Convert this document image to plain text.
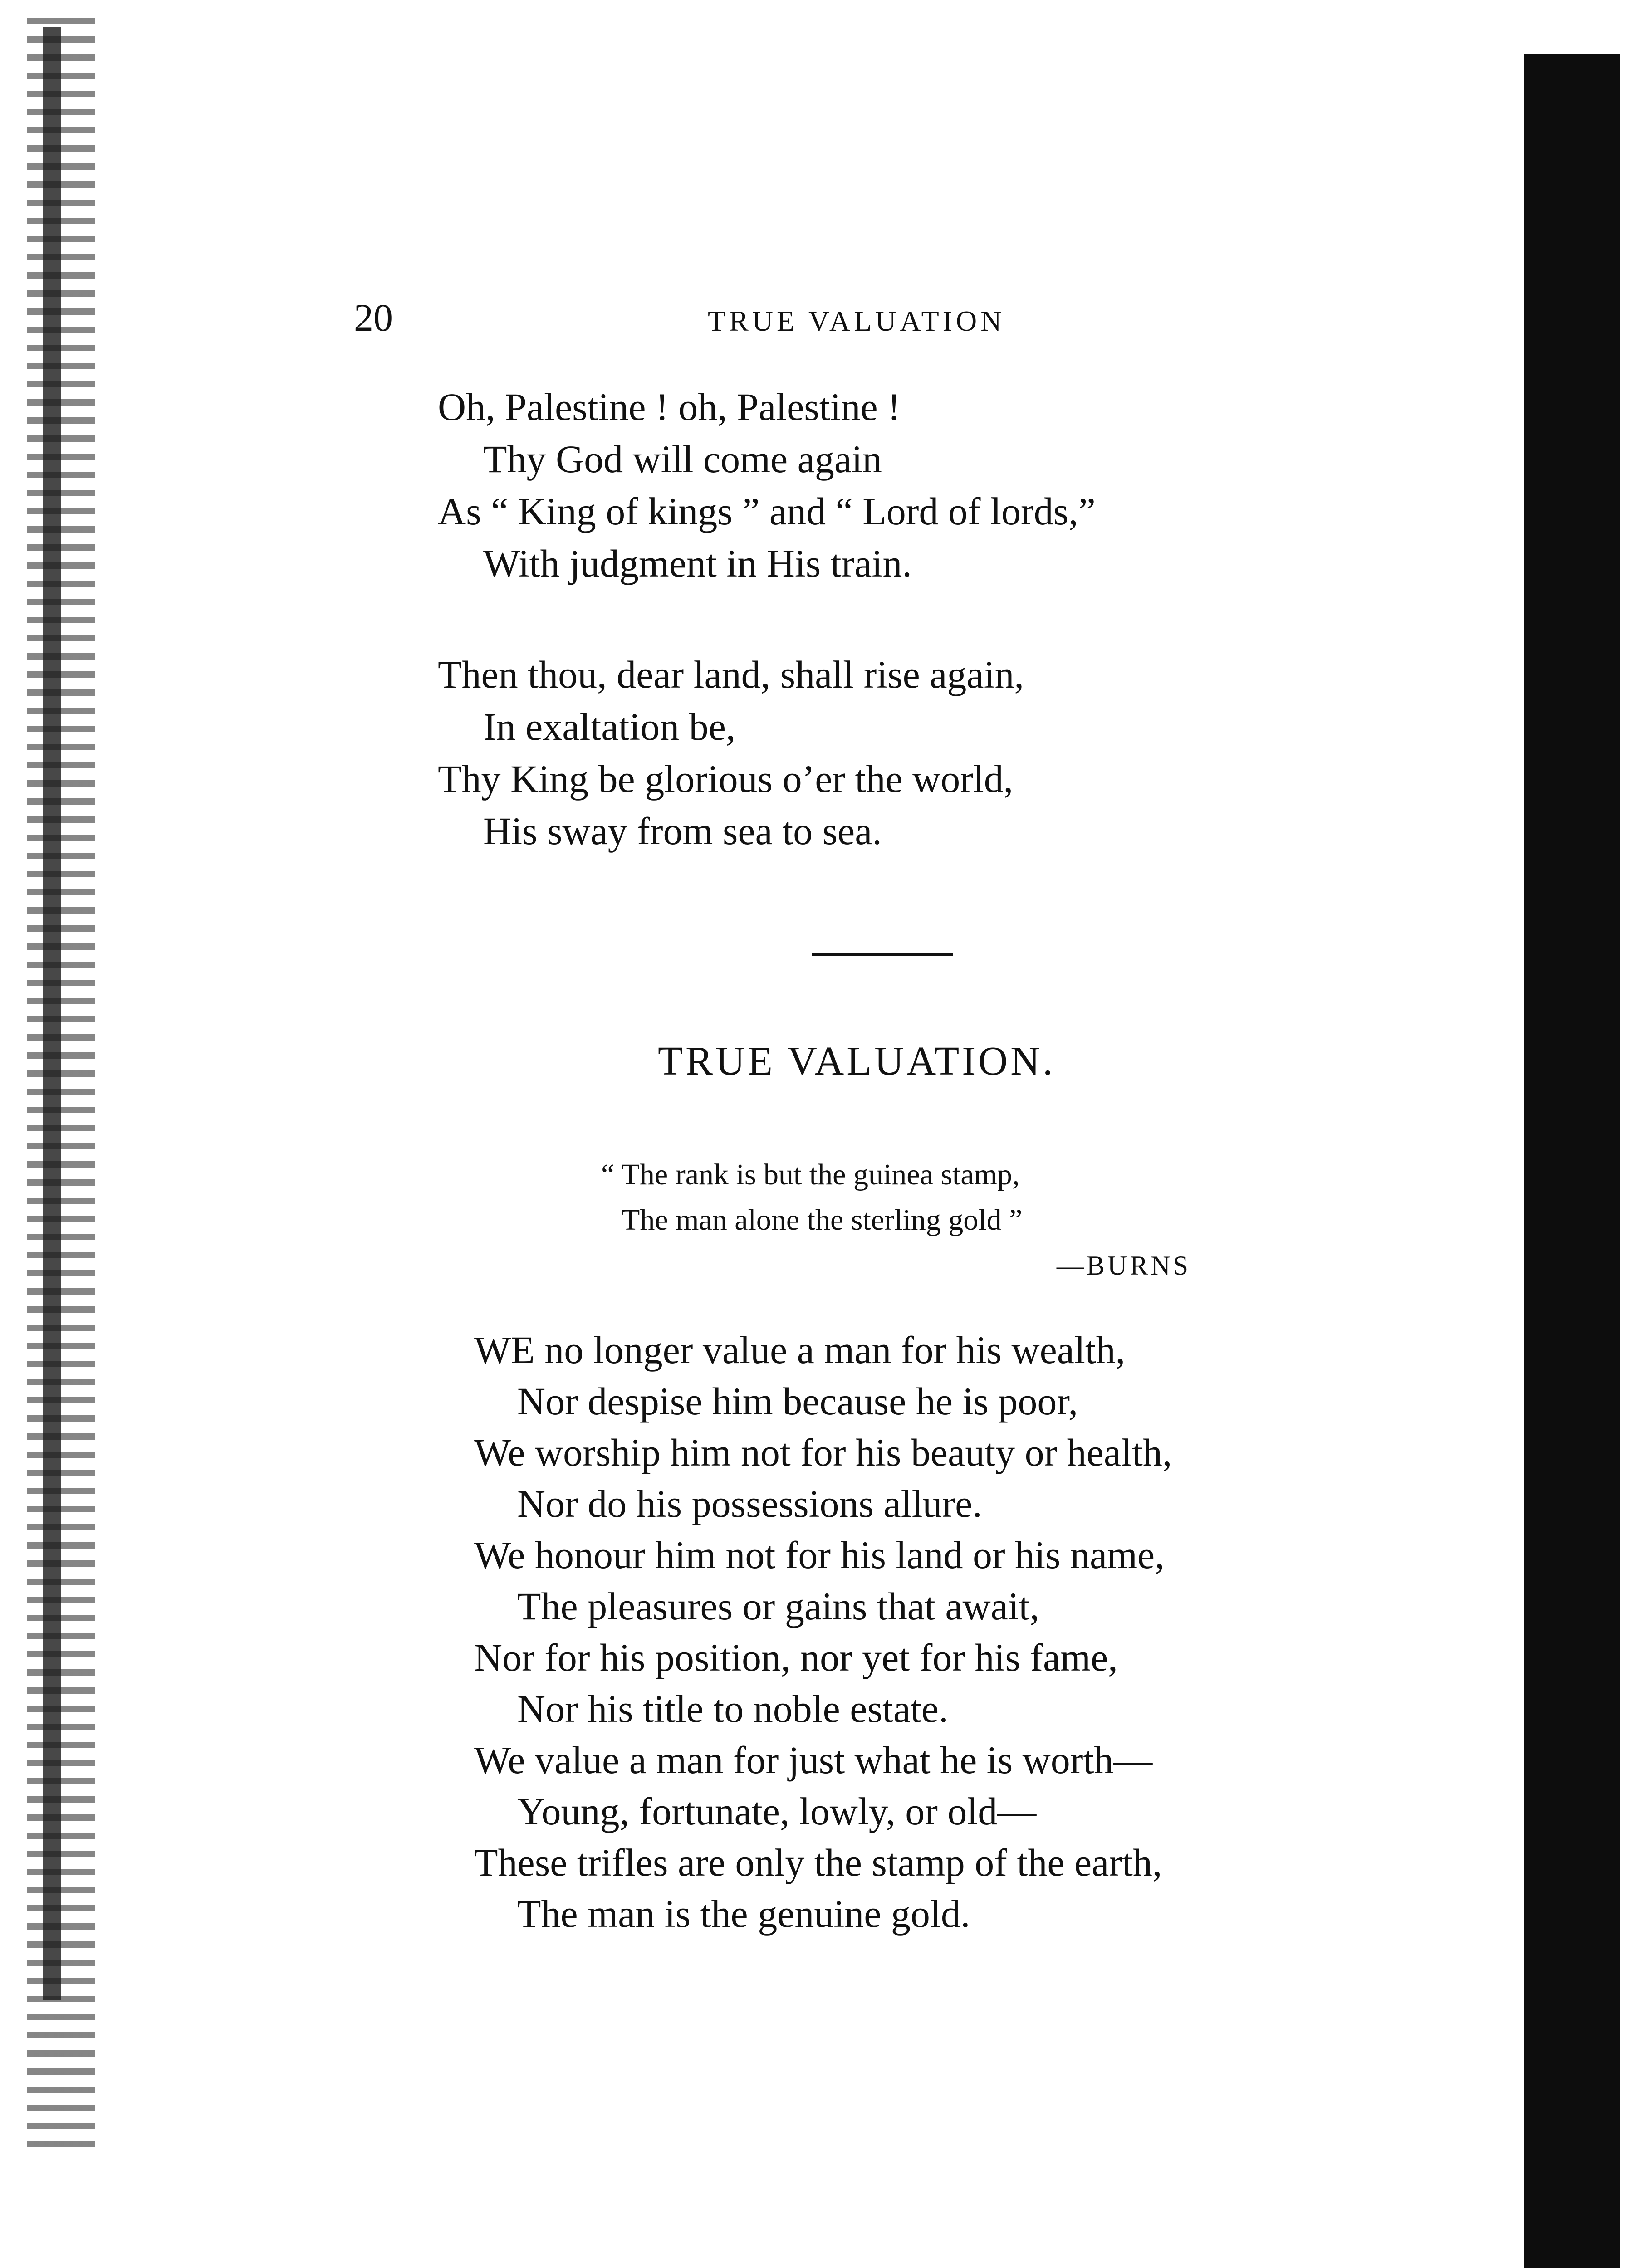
20	TRUE VALUATION
Oh, Palestine ! oh, Palestine !
Thy God will come again
As “ King of kings ” and “ Lord of lords,”
With judgment in His train.
Then thou, dear land, shall rise again,
In exaltation be,
Thy King be glorious o’er the world,
His sway from sea to sea.
TRUE VALUATION.
“ The rank is but the guinea stamp,
The man alone the sterling gold ”
—BURNS
WE no longer value a man for his wealth,
Nor despise him because he is poor,
We worship him not for his beauty or health,
Nor do his possessions allure.
We honour him not for his land or his name,
The pleasures or gains that await,
Nor for his position, nor yet for his fame,
Nor his title to noble estate.
We value a man for just what he is worth—
Young, fortunate, lowly, or old—
These trifles are only the stamp of the earth,
The man is the genuine gold.
